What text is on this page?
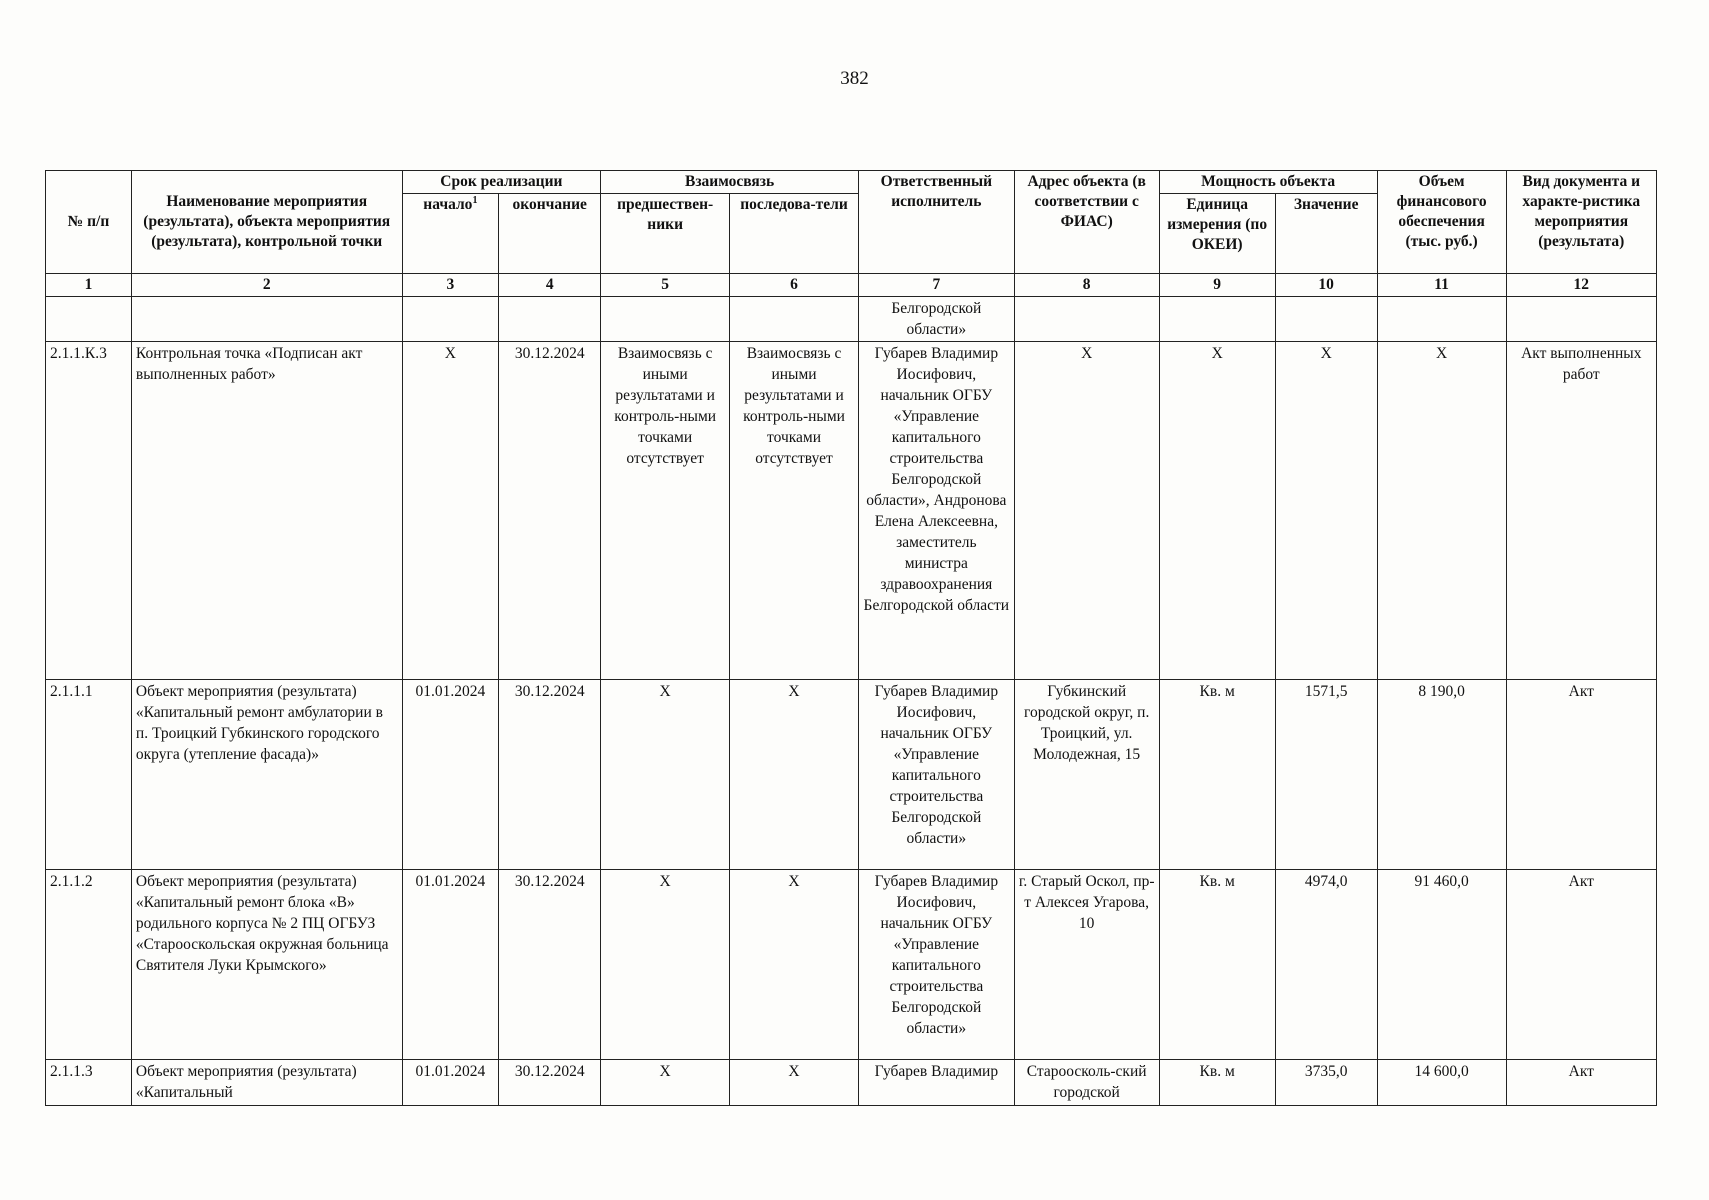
382
№ п/п	Наименование мероприятия (результата), объекта мероприятия (результата), контрольной точки	Срок реализации		Взаимосвязь		Ответственный исполнитель	Адрес объекта (в соответствии с ФИАС)	Мощность объекта		Объем финансового обеспечения (тыс. руб.)	Вид документа и характе-ристика мероприятия (результата)
		начало$^1$	окончание	предшествен-ники	последова-тели			Единица измерения (по ОКЕИ)	Значение		
1	2	3	4	5	6	7	8	9	10	11	12
						Белгородской области»					
2.1.1.К.3	Контрольная точка «Подписан акт выполненных работ»	Х	30.12.2024	Взаимосвязь с иными результатами и контроль-ными точками отсутствует	Взаимосвязь с иными результатами и контроль-ными точками отсутствует	Губарев Владимир Иосифович, начальник ОГБУ «Управление капитального строительства Белгородской области», Андронова Елена Алексеевна, заместитель министра здравоохранения Белгородской области	Х	Х	Х	Х	Акт выполненных работ
2.1.1.1	Объект мероприятия (результата) «Капитальный ремонт амбулатории в п. Троицкий Губкинского городского округа (утепление фасада)»	01.01.2024	30.12.2024	Х	Х	Губарев Владимир Иосифович, начальник ОГБУ «Управление капитального строительства Белгородской области»	Губкинский городской округ, п. Троицкий, ул. Молодежная, 15	Кв. м	1571,5	8 190,0	Акт
2.1.1.2	Объект мероприятия (результата) «Капитальный ремонт блока «В» родильного корпуса № 2 ПЦ ОГБУЗ «Старооскольская окружная больница Святителя Луки Крымского»	01.01.2024	30.12.2024	Х	Х	Губарев Владимир Иосифович, начальник ОГБУ «Управление капитального строительства Белгородской области»	г. Старый Оскол, пр-т Алексея Угарова, 10	Кв. м	4974,0	91 460,0	Акт
2.1.1.3	Объект мероприятия (результата) «Капитальный	01.01.2024	30.12.2024	Х	Х	Губарев Владимир	Староосколь-ский городской	Кв. м	3735,0	14 600,0	Акт
